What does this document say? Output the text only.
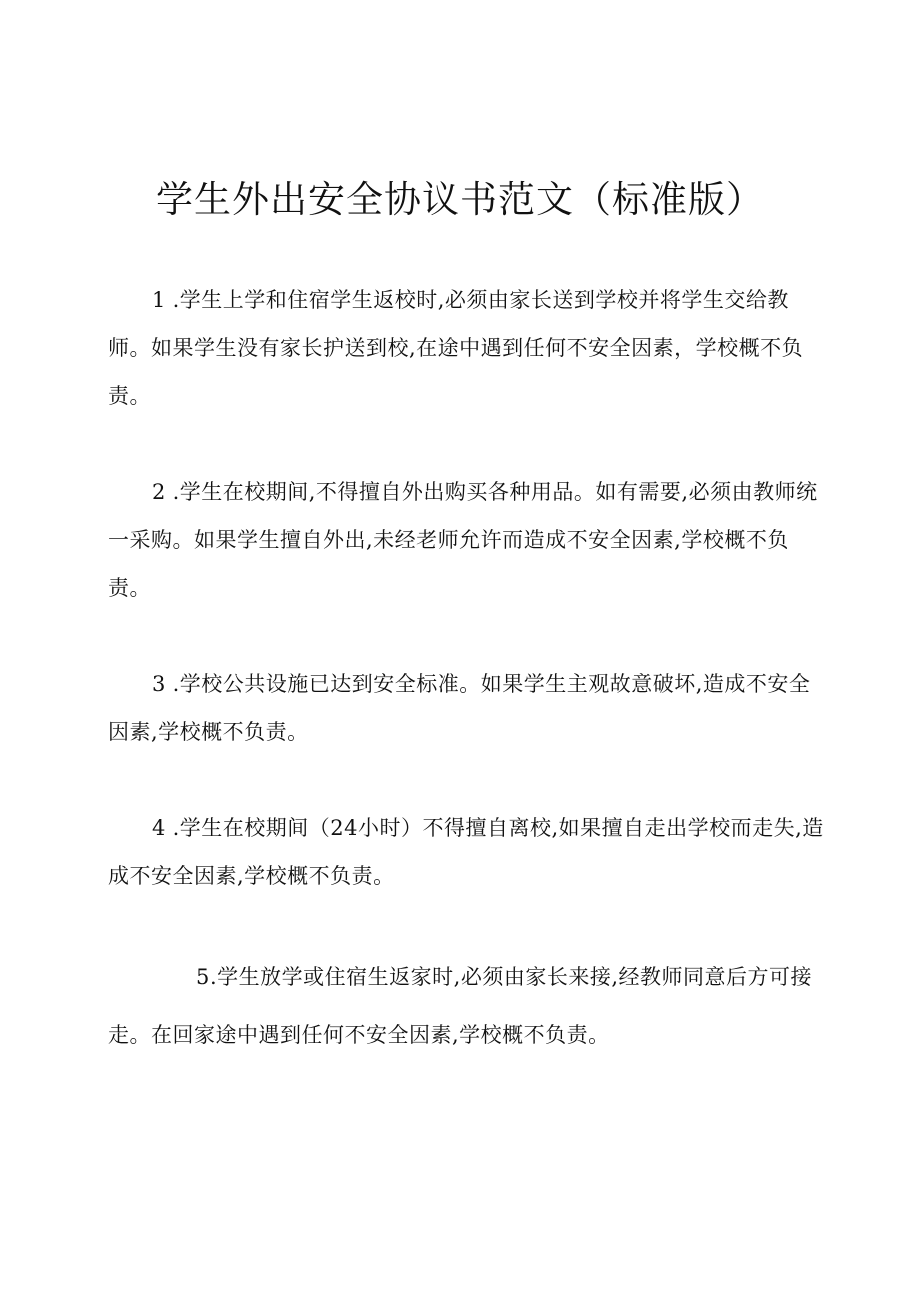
学生外出安全协议书范文（标准版）

1 .学生上学和住宿学生返校时,必须由家长送到学校并将学生交给教师。如果学生没有家长护送到校,在途中遇到任何不安全因素，学校概不负责。

2 .学生在校期间,不得擅自外出购买各种用品。如有需要,必须由教师统一采购。如果学生擅自外出,未经老师允许而造成不安全因素,学校概不负责。

3 .学校公共设施已达到安全标准。如果学生主观故意破坏,造成不安全因素,学校概不负责。

4 .学生在校期间（24小时）不得擅自离校,如果擅自走出学校而走失,造成不安全因素,学校概不负责。

5.学生放学或住宿生返家时,必须由家长来接,经教师同意后方可接走。在回家途中遇到任何不安全因素,学校概不负责。
